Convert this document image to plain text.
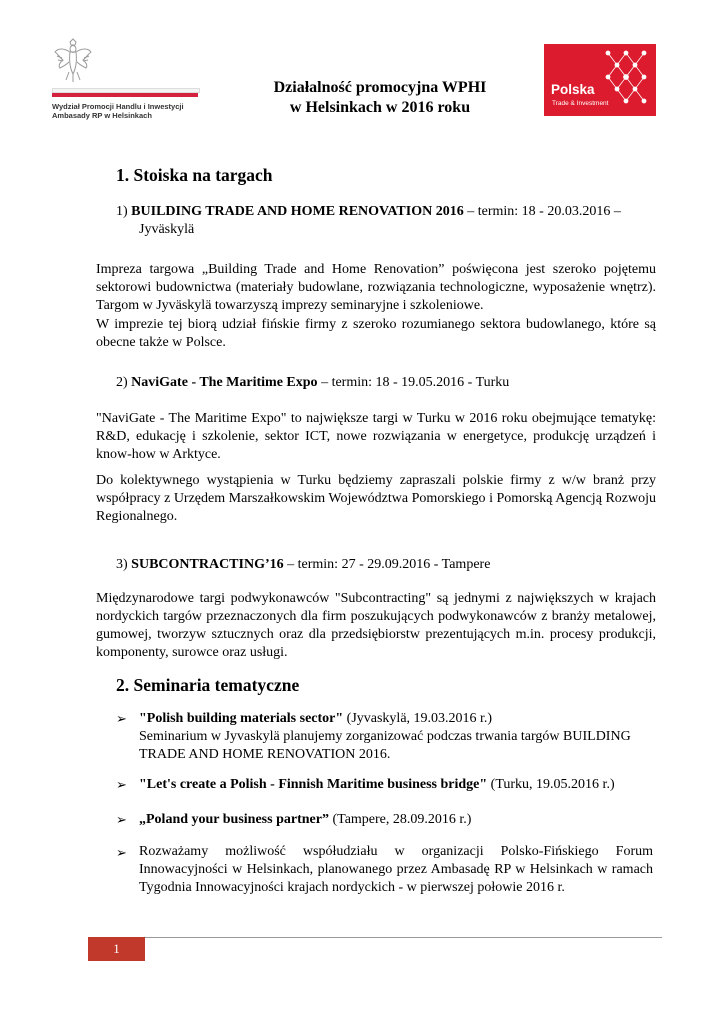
Wydział Promocji Handlu i Inwestycji
Ambasady RP w Helsinkach
Polska
Trade & Investment
Działalność promocyjna WPHI
w Helsinkach w 2016 roku
1. Stoiska na targach
1) BUILDING TRADE AND HOME RENOVATION 2016 – termin: 18 - 20.03.2016 –
Jyväskylä
Impreza targowa „Building Trade and Home Renovation” poświęcona jest szeroko pojętemu sektorowi budownictwa (materiały budowlane, rozwiązania technologiczne, wyposażenie wnętrz). Targom w Jyväskylä towarzyszą imprezy seminaryjne i szkoleniowe.
W imprezie tej biorą udział fińskie firmy z szeroko rozumianego sektora budowlanego, które są obecne także w Polsce.
2) NaviGate - The Maritime Expo – termin: 18 - 19.05.2016 - Turku
"NaviGate - The Maritime Expo" to największe targi w Turku w 2016 roku obejmujące tematykę: R&D, edukację i szkolenie, sektor ICT, nowe rozwiązania w energetyce, produkcję urządzeń i know-how w Arktyce.
Do kolektywnego wystąpienia w Turku będziemy zapraszali polskie firmy z w/w branż przy współpracy z Urzędem Marszałkowskim Województwa Pomorskiego i Pomorską Agencją Rozwoju Regionalnego.
3) SUBCONTRACTING’16 – termin: 27 - 29.09.2016 - Tampere
Międzynarodowe targi podwykonawców "Subcontracting" są jednymi z największych w krajach nordyckich targów przeznaczonych dla firm poszukujących podwykonawców z branży metalowej, gumowej, tworzyw sztucznych oraz dla przedsiębiorstw prezentujących m.in. procesy produkcji, komponenty, surowce oraz usługi.
2. Seminaria tematyczne
➢ "Polish building materials sector" (Jyvaskylä, 19.03.2016 r.)
Seminarium w Jyvaskylä planujemy zorganizować podczas trwania targów BUILDING TRADE AND HOME RENOVATION 2016.
➢ "Let's create a Polish - Finnish Maritime business bridge" (Turku, 19.05.2016 r.)
➢ „Poland your business partner” (Tampere, 28.09.2016 r.)
➢ Rozważamy możliwość współudziału w organizacji Polsko-Fińskiego Forum Innowacyjności w Helsinkach, planowanego przez Ambasadę RP w Helsinkach w ramach Tygodnia Innowacyjności krajach nordyckich - w pierwszej połowie 2016 r.
1
